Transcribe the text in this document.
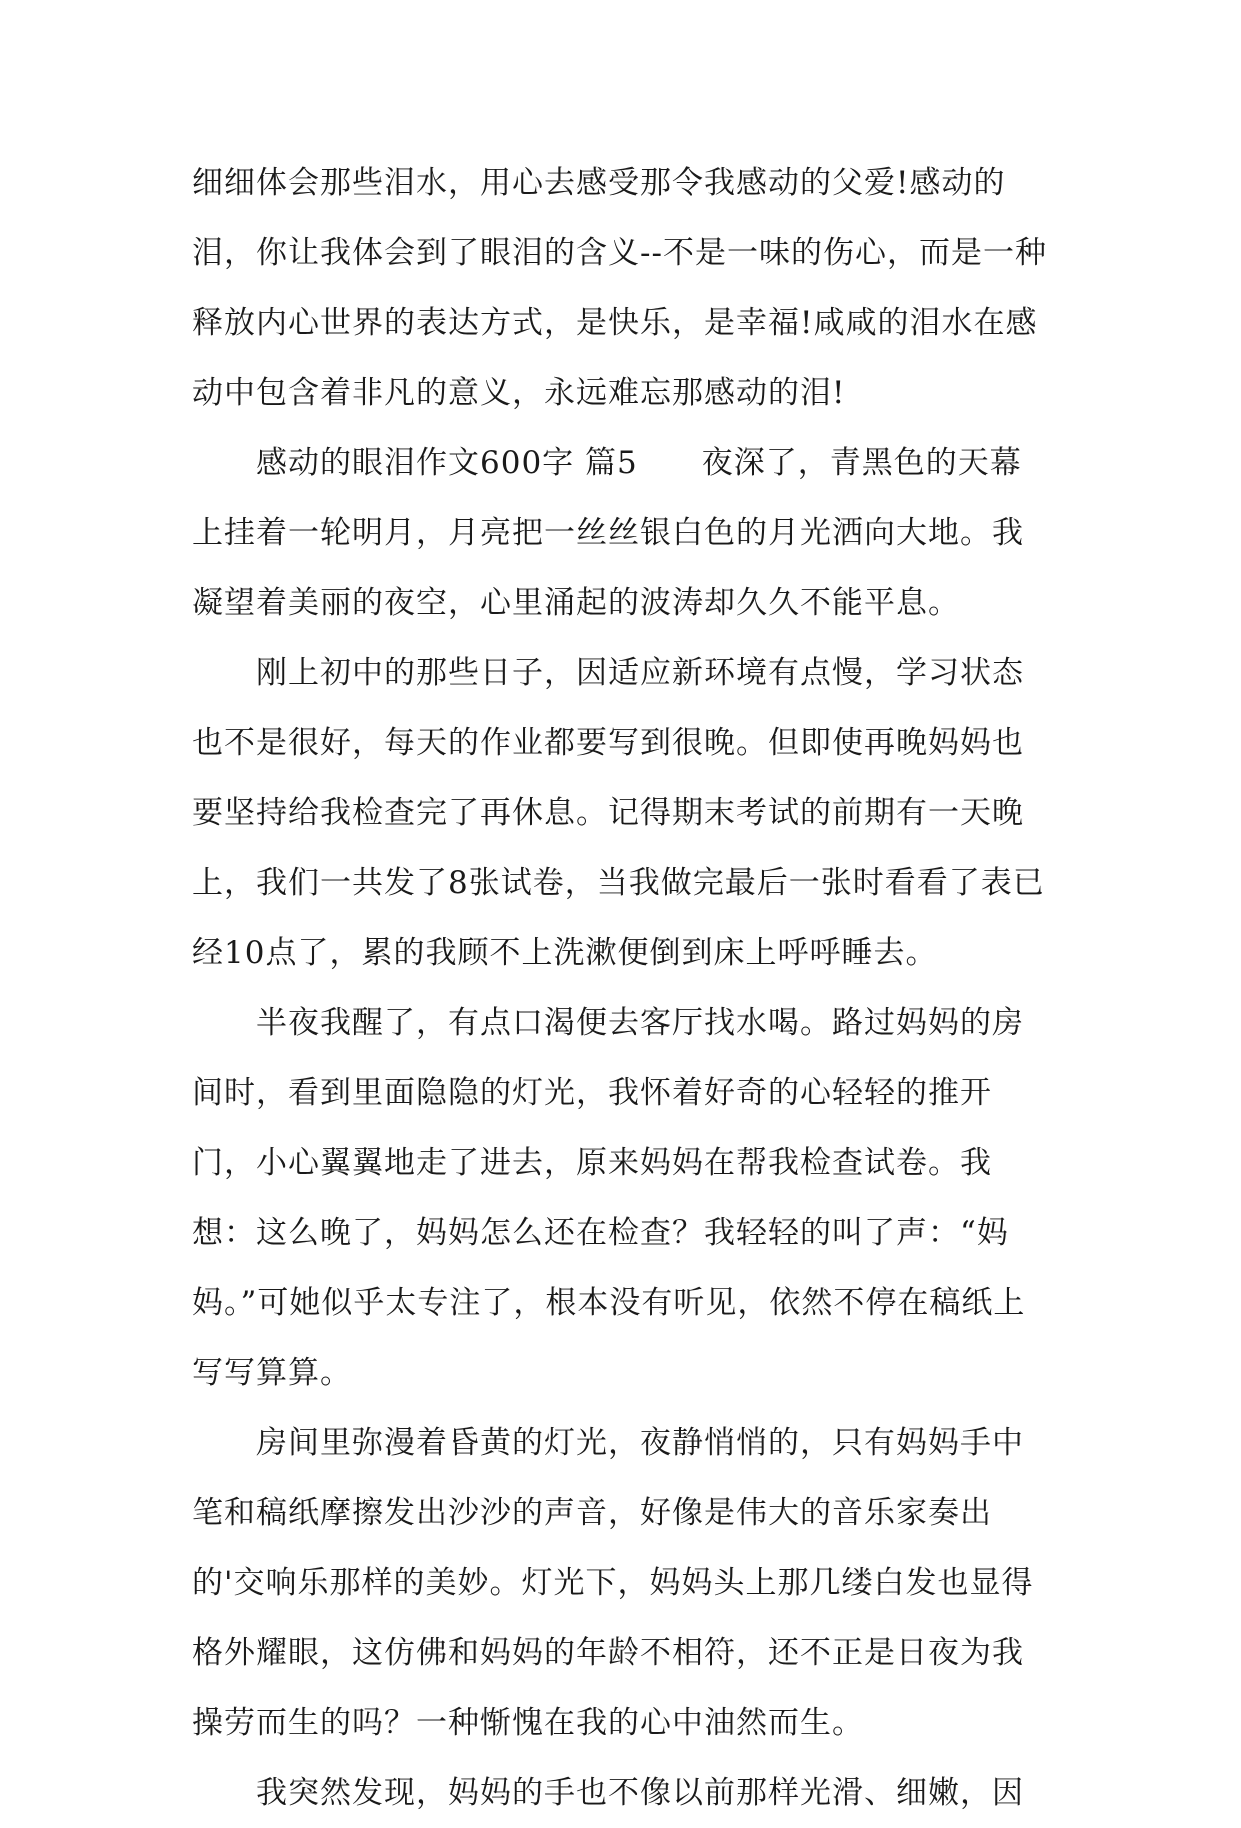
细细体会那些泪水，用心去感受那令我感动的父爱!感动的泪，你让我体会到了眼泪的含义--不是一味的伤心，而是一种释放内心世界的表达方式，是快乐，是幸福!咸咸的泪水在感动中包含着非凡的意义，永远难忘那感动的泪!

感动的眼泪作文600字 篇5　　夜深了，青黑色的天幕上挂着一轮明月，月亮把一丝丝银白色的月光洒向大地。我凝望着美丽的夜空，心里涌起的波涛却久久不能平息。

刚上初中的那些日子，因适应新环境有点慢，学习状态也不是很好，每天的作业都要写到很晚。但即使再晚妈妈也要坚持给我检查完了再休息。记得期末考试的前期有一天晚上，我们一共发了8张试卷，当我做完最后一张时看看了表已经10点了，累的我顾不上洗漱便倒到床上呼呼睡去。

半夜我醒了，有点口渴便去客厅找水喝。路过妈妈的房间时，看到里面隐隐的灯光，我怀着好奇的心轻轻的推开门，小心翼翼地走了进去，原来妈妈在帮我检查试卷。我想：这么晚了，妈妈怎么还在检查？我轻轻的叫了声：“妈妈。”可她似乎太专注了，根本没有听见，依然不停在稿纸上写写算算。

房间里弥漫着昏黄的灯光，夜静悄悄的，只有妈妈手中笔和稿纸摩擦发出沙沙的声音，好像是伟大的音乐家奏出的'交响乐那样的美妙。灯光下，妈妈头上那几缕白发也显得格外耀眼，这仿佛和妈妈的年龄不相符，还不正是日夜为我操劳而生的吗？一种惭愧在我的心中油然而生。

我突然发现，妈妈的手也不像以前那样光滑、细嫩，因
